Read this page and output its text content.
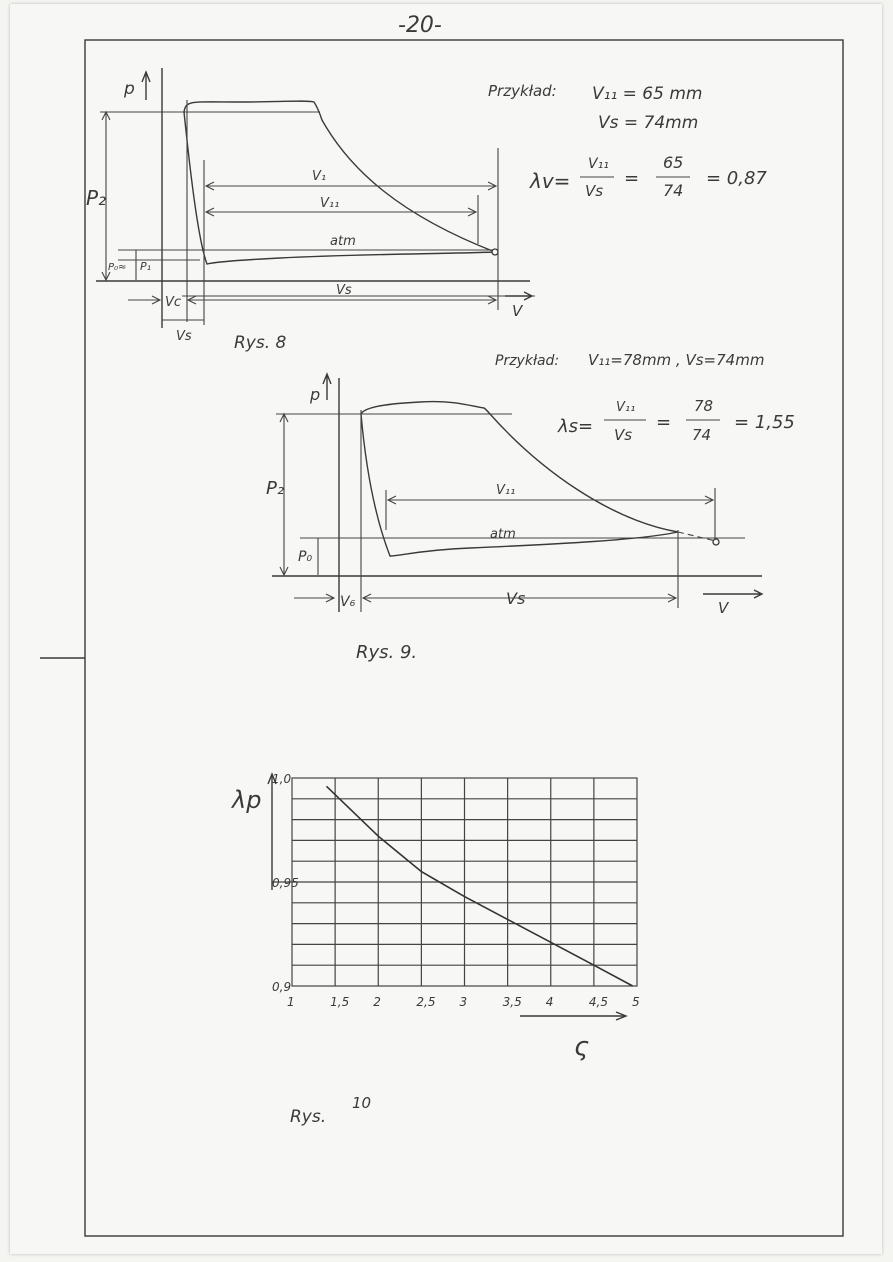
-20-
p
V
P₂
P₀≈ P₁
atm
V₁
V₁₁
Vc
Vs
Vs Rys. 8
Przykład: V₁₁ = 65 mm
Vs = 74mm
λv=
V₁₁
Vs
=
65
74
= 0,87
p
P₂
P₀
atm
V₁₁
V₆	Vs	V
Rys. 9.
Przykład: V₁₁=78mm , Vs=74mm
λs=
V₁₁
Vs
=
78
74
= 1,55
0,9
0,95
1,0
1	1,5 2	2,5 3	3,5 4	4,5 5
λp
ς
Rys.
10
